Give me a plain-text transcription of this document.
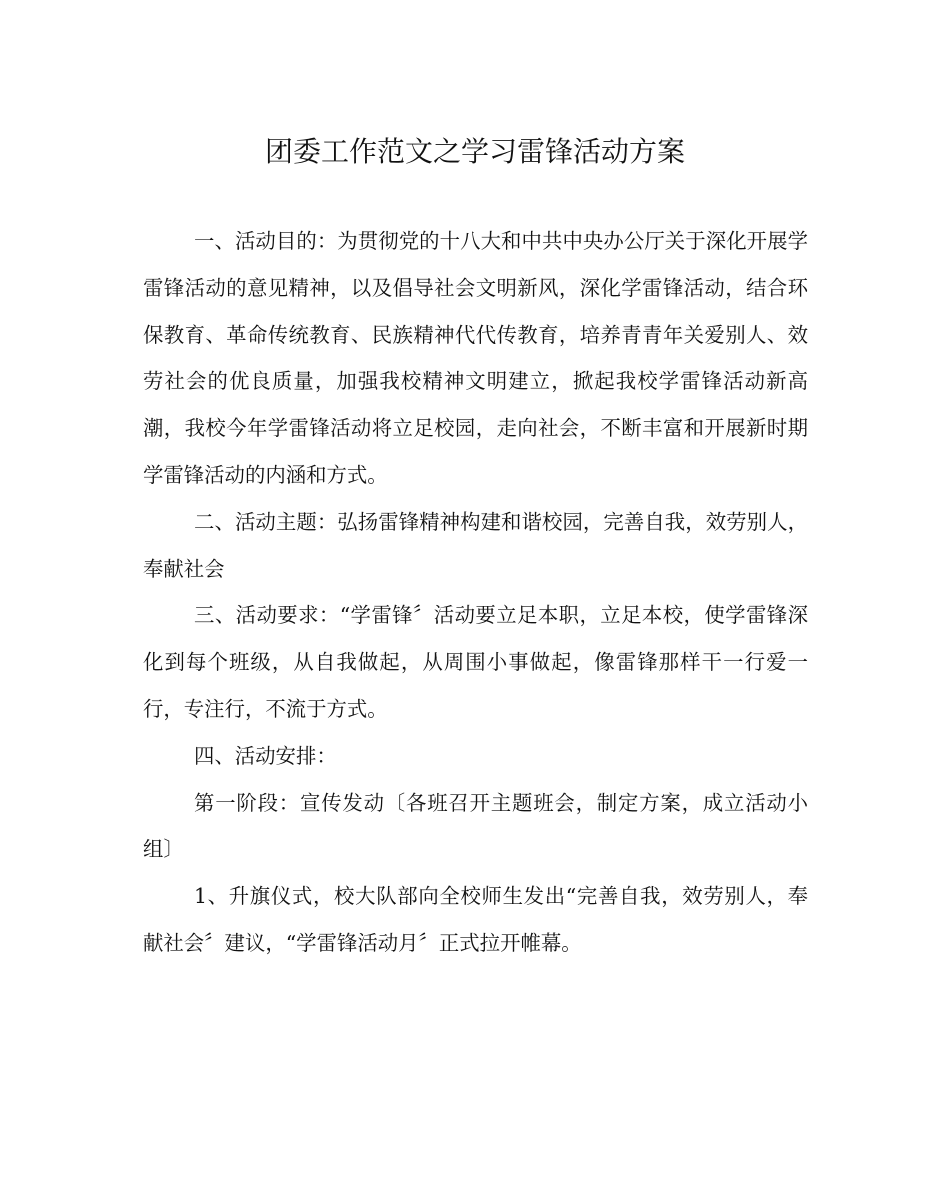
团委工作范文之学习雷锋活动方案

一、活动目的：为贯彻党的十八大和中共中央办公厅关于深化开展学雷锋活动的意见精神，以及倡导社会文明新风，深化学雷锋活动，结合环保教育、革命传统教育、民族精神代代传教育，培养青青年关爱别人、效劳社会的优良质量，加强我校精神文明建立，掀起我校学雷锋活动新高潮，我校今年学雷锋活动将立足校园，走向社会，不断丰富和开展新时期学雷锋活动的内涵和方式。

二、活动主题：弘扬雷锋精神构建和谐校园，完善自我，效劳别人，奉献社会

三、活动要求：“学雷锋〞活动要立足本职，立足本校，使学雷锋深化到每个班级，从自我做起，从周围小事做起，像雷锋那样干一行爱一行，专注行，不流于方式。

四、活动安排：

第一阶段：宣传发动〔各班召开主题班会，制定方案，成立活动小组〕

1、升旗仪式，校大队部向全校师生发出“完善自我，效劳别人，奉献社会〞建议，“学雷锋活动月〞正式拉开帷幕。
